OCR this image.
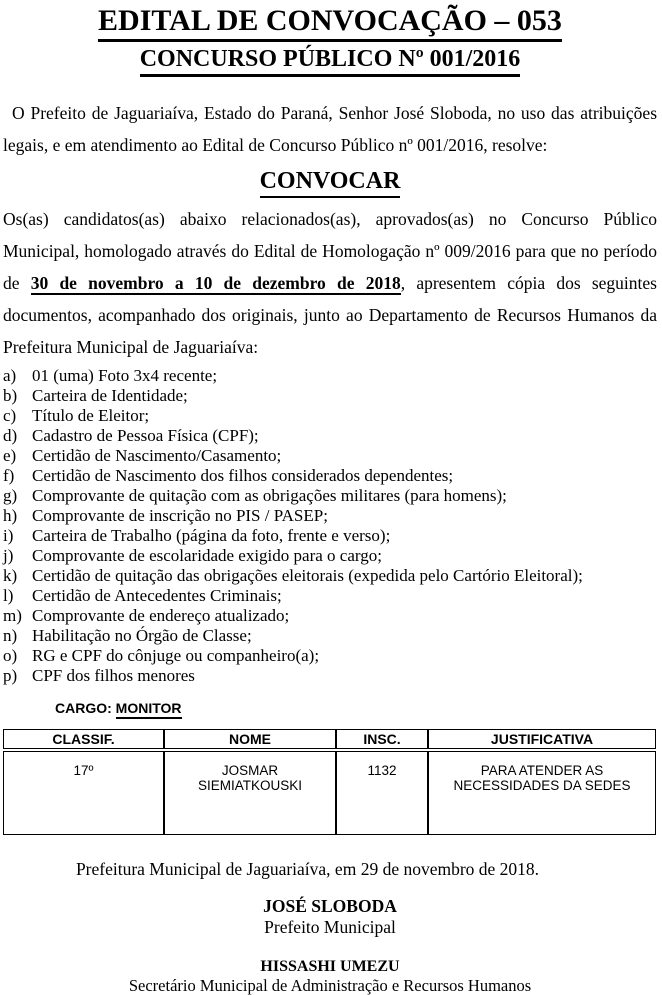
EDITAL DE CONVOCAÇÃO – 053
CONCURSO PÚBLICO Nº 001/2016

O Prefeito de Jaguariaíva, Estado do Paraná, Senhor José Sloboda, no uso das atribuições legais, e em atendimento ao Edital de Concurso Público nº 001/2016, resolve:

CONVOCAR

Os(as) candidatos(as) abaixo relacionados(as), aprovados(as) no Concurso Público Municipal, homologado através do Edital de Homologação nº 009/2016 para que no período de 30 de novembro a 10 de dezembro de 2018, apresentem cópia dos seguintes documentos, acompanhado dos originais, junto ao Departamento de Recursos Humanos da Prefeitura Municipal de Jaguariaíva:

a) 01 (uma) Foto 3x4 recente;
b) Carteira de Identidade;
c) Título de Eleitor;
d) Cadastro de Pessoa Física (CPF);
e) Certidão de Nascimento/Casamento;
f)	Certidão de Nascimento dos filhos considerados dependentes;
g) Comprovante de quitação com as obrigações militares (para homens);
h) Comprovante de inscrição no PIS / PASEP;
i)	Carteira de Trabalho (página da foto, frente e verso);
j)	Comprovante de escolaridade exigido para o cargo;
k) Certidão de quitação das obrigações eleitorais (expedida pelo Cartório Eleitoral);
l)	Certidão de Antecedentes Criminais;
m) Comprovante de endereço atualizado;
n) Habilitação no Órgão de Classe;
o) RG e CPF do cônjuge ou companheiro(a);
p) CPF dos filhos menores
CARGO: MONITOR
CLASSIF.	NOME	INSC.	JUSTIFICATIVA
17º	JOSMAR SIEMIATKOUSKI	1132	PARA ATENDER AS NECESSIDADES DA SEDES
Prefeitura Municipal de Jaguariaíva, em 29 de novembro de 2018.
JOSÉ SLOBODA
Prefeito Municipal
HISSASHI UMEZU
Secretário Municipal de Administração e Recursos Humanos
